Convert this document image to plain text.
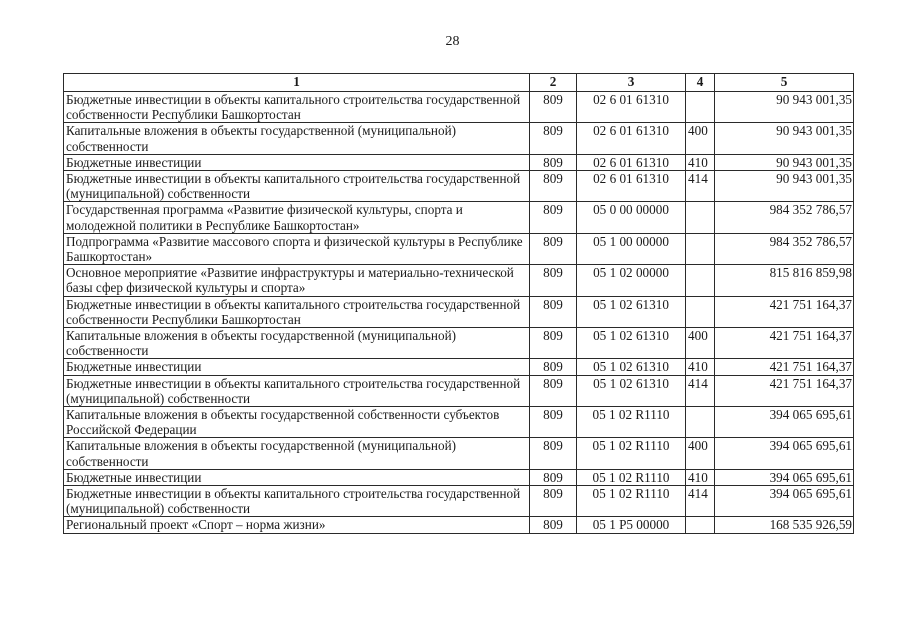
28
1	2	3	4	5
Бюджетные инвестиции в объекты капитального строительства государственной собственности Республики Башкортостан	809	02 6 01 61310		90 943 001,35
Капитальные вложения в объекты государственной (муниципальной) собственности	809	02 6 01 61310	400	90 943 001,35
Бюджетные инвестиции	809	02 6 01 61310	410	90 943 001,35
Бюджетные инвестиции в объекты капитального строительства государственной (муниципальной) собственности	809	02 6 01 61310	414	90 943 001,35
Государственная программа «Развитие физической культуры, спорта и молодежной политики в Республике Башкортостан»	809	05 0 00 00000		984 352 786,57
Подпрограмма «Развитие массового спорта и физической культуры в Республике Башкортостан»	809	05 1 00 00000		984 352 786,57
Основное мероприятие «Развитие инфраструктуры и материально-технической базы сфер физической культуры и спорта»	809	05 1 02 00000		815 816 859,98
Бюджетные инвестиции в объекты капитального строительства государственной собственности Республики Башкортостан	809	05 1 02 61310		421 751 164,37
Капитальные вложения в объекты государственной (муниципальной) собственности	809	05 1 02 61310	400	421 751 164,37
Бюджетные инвестиции	809	05 1 02 61310	410	421 751 164,37
Бюджетные инвестиции в объекты капитального строительства государственной (муниципальной) собственности	809	05 1 02 61310	414	421 751 164,37
Капитальные вложения в объекты государственной собственности субъектов Российской Федерации	809	05 1 02 R1110		394 065 695,61
Капитальные вложения в объекты государственной (муниципальной) собственности	809	05 1 02 R1110	400	394 065 695,61
Бюджетные инвестиции	809	05 1 02 R1110	410	394 065 695,61
Бюджетные инвестиции в объекты капитального строительства государственной (муниципальной) собственности	809	05 1 02 R1110	414	394 065 695,61
Региональный проект «Спорт – норма жизни»	809	05 1 P5 00000		168 535 926,59
